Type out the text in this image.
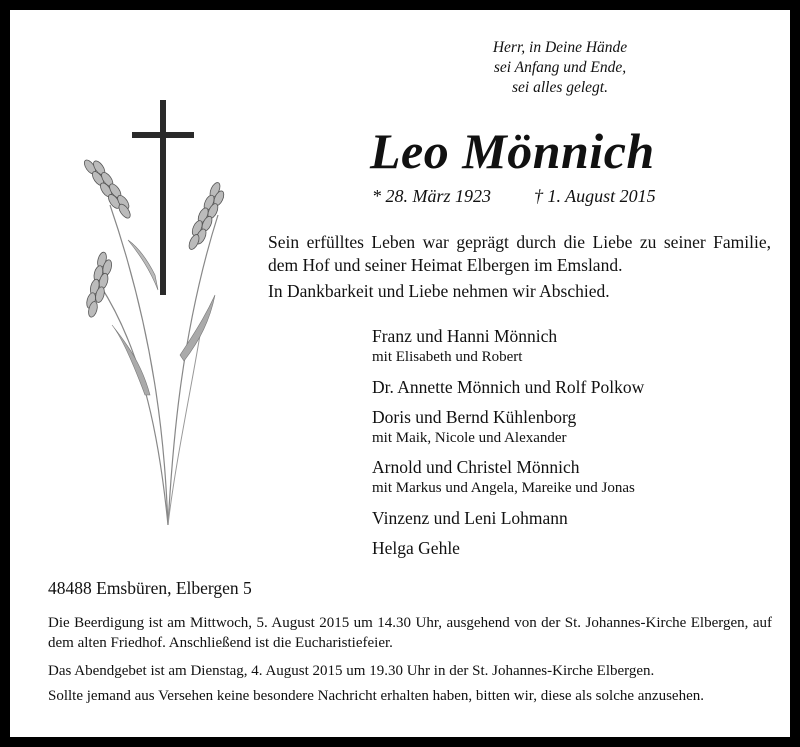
Herr, in Deine Hände
sei Anfang und Ende,
sei alles gelegt.
Leo Mönnich
* 28. März 1923 † 1. August 2015
Sein erfülltes Leben war geprägt durch die Liebe zu seiner Familie, dem Hof und seiner Heimat Elbergen im Emsland.
In Dankbarkeit und Liebe nehmen wir Abschied.
Franz und Hanni Mönnich
mit Elisabeth und Robert
Dr. Annette Mönnich und Rolf Polkow
Doris und Bernd Kühlenborg
mit Maik, Nicole und Alexander
Arnold und Christel Mönnich
mit Markus und Angela, Mareike und Jonas
Vinzenz und Leni Lohmann
Helga Gehle
48488 Emsbüren, Elbergen 5
Die Beerdigung ist am Mittwoch, 5. August 2015 um 14.30 Uhr, ausgehend von der St. Johannes-Kirche Elbergen, auf dem alten Friedhof. Anschließend ist die Eucharistiefeier.
Das Abendgebet ist am Dienstag, 4. August 2015 um 19.30 Uhr in der St. Johannes-Kirche Elbergen.
Sollte jemand aus Versehen keine besondere Nachricht erhalten haben, bitten wir, diese als solche anzusehen.
